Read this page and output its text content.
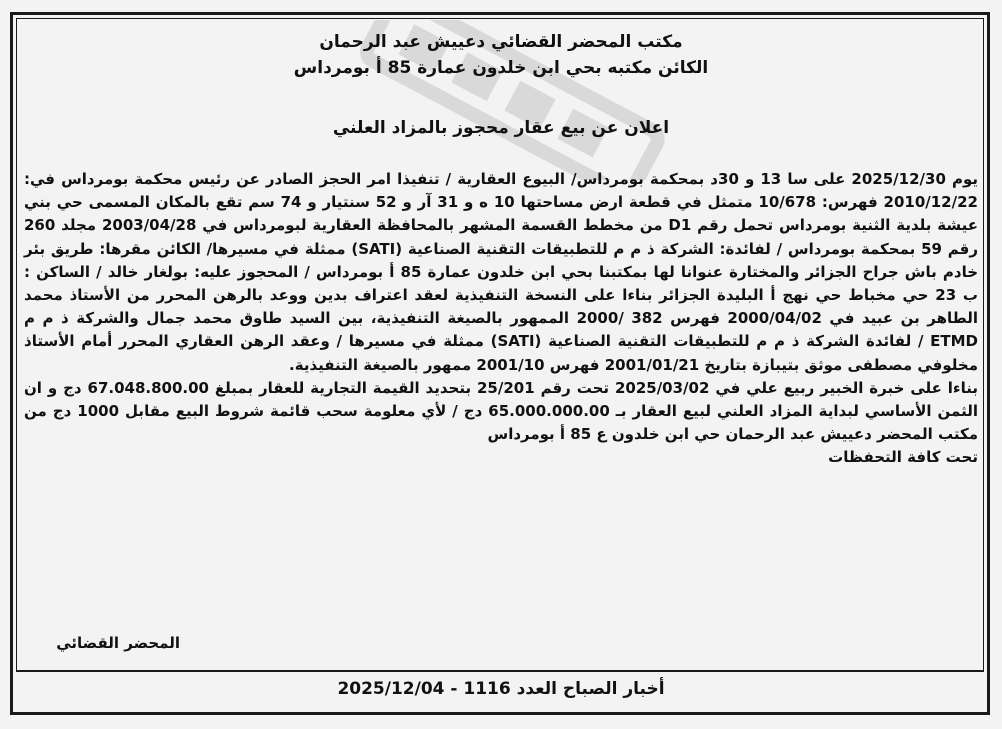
مكتب المحضر القضائي دعييش عبد الرحمان
الكائن مكتبه بحي ابن خلدون عمارة 85 أ بومرداس
اعلان عن بيع عقار محجوز بالمزاد العلني

يوم 2025/12/30 على سا 13 و 30د بمحكمة بومرداس/ البيوع العقارية / تنفيذا امر الحجز الصادر عن رئيس محكمة بومرداس في: 2010/12/22 فهرس: 10/678 متمثل في قطعة ارض مساحتها 10 ه و 31 آر و 52 سنتيار و 74 سم تقع بالمكان المسمى حي بني عيشة بلدية الثنية بومرداس تحمل رقم D1 من مخطط القسمة المشهر بالمحافظة العقارية لبومرداس في 2003/04/28 مجلد 260 رقم 59 بمحكمة بومرداس / لفائدة: الشركة ذ م م للتطبيقات التقنية الصناعية (SATI) ممثلة في مسيرها/ الكائن مقرها: طريق بئر خادم باش جراح الجزائر والمختارة عنوانا لها بمكتبنا بحي ابن خلدون عمارة 85 أ بومرداس / المحجوز عليه: بولغار خالد / الساكن : ب 23 حي مخباط حي نهج أ البليدة الجزائر بناءا على النسخة التنفيذية لعقد اعتراف بدين ووعد بالرهن المحرر من الأستاذ محمد الطاهر بن عبيد في 2000/04/02 فهرس 382 /2000 الممهور بالصيغة التنفيذية، بين السيد طاوق محمد جمال والشركة ذ م م ETMD / لفائدة الشركة ذ م م للتطبيقات التقنية الصناعية (SATI) ممثلة في مسيرها / وعقد الرهن العقاري المحرر أمام الأستاذ مخلوفي مصطفى موثق بتيبازة بتاريخ 2001/01/21 فهرس 2001/10 ممهور بالصيغة التنفيذية.

بناءا على خبرة الخبير ربيع علي في 2025/03/02 تحت رقم 25/201 بتحديد القيمة التجارية للعقار بمبلغ 67.048.800.00 دج و ان الثمن الأساسي لبداية المزاد العلني لبيع العقار بـ 65.000.000.00 دج / لأي معلومة سحب قائمة شروط البيع مقابل 1000 دج من مكتب المحضر دعييش عبد الرحمان حي ابن خلدون ع 85 أ بومرداس

تحت كافة التحفظات

المحضر القضائي
أخبار الصباح العدد 1116 - 2025/12/04
